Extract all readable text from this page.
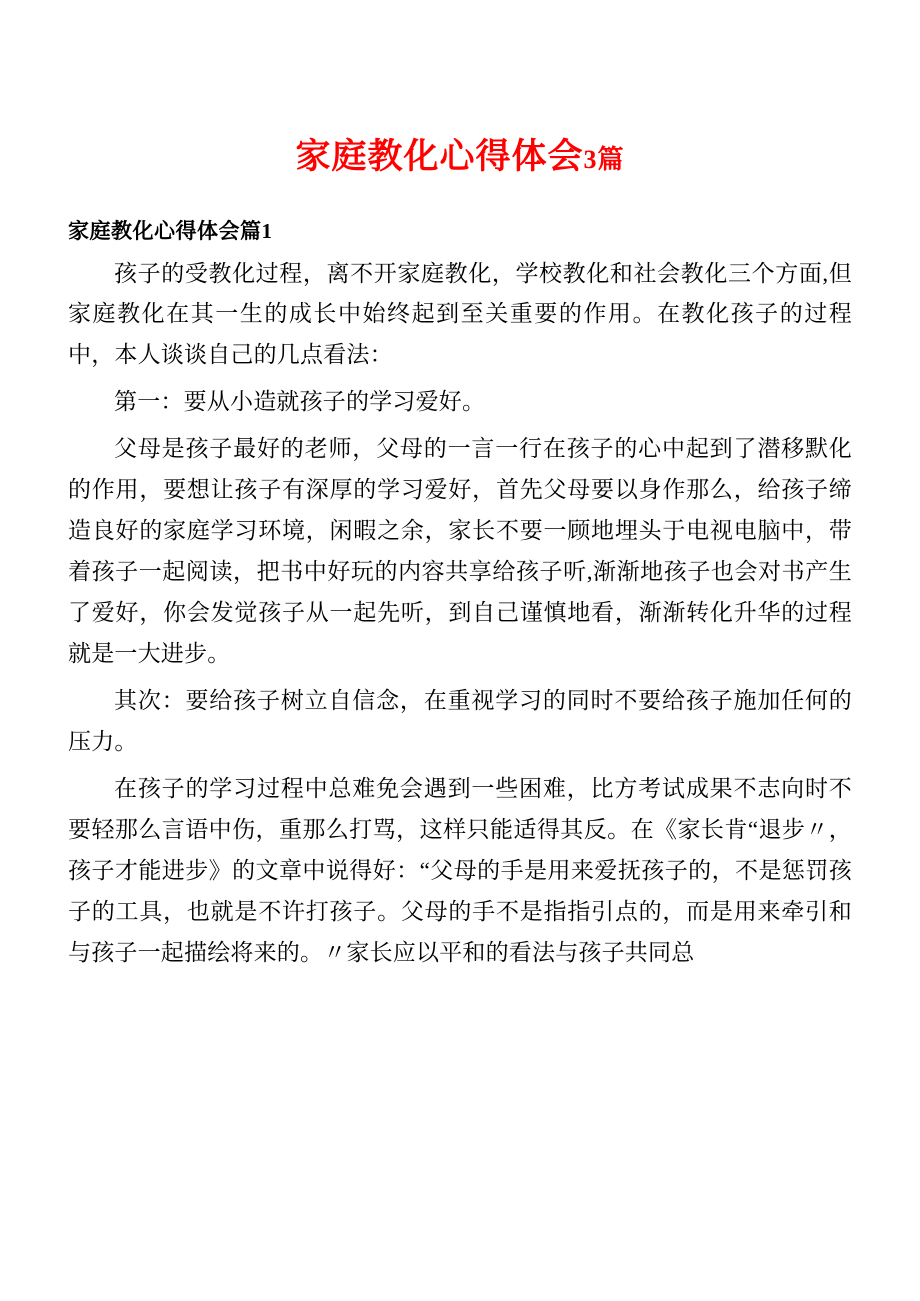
家庭教化心得体会3篇

家庭教化心得体会篇1

孩子的受教化过程，离不开家庭教化，学校教化和社会教化三个方面,但家庭教化在其一生的成长中始终起到至关重要的作用。在教化孩子的过程中，本人谈谈自己的几点看法：

第一：要从小造就孩子的学习爱好。

父母是孩子最好的老师，父母的一言一行在孩子的心中起到了潜移默化的作用，要想让孩子有深厚的学习爱好，首先父母要以身作那么，给孩子缔造良好的家庭学习环境，闲暇之余，家长不要一顾地埋头于电视电脑中，带着孩子一起阅读，把书中好玩的内容共享给孩子听,渐渐地孩子也会对书产生了爱好，你会发觉孩子从一起先听，到自己谨慎地看，渐渐转化升华的过程就是一大进步。

其次：要给孩子树立自信念，在重视学习的同时不要给孩子施加任何的压力。

在孩子的学习过程中总难免会遇到一些困难，比方考试成果不志向时不要轻那么言语中伤，重那么打骂，这样只能适得其反。在《家长肯“退步〃，孩子才能进步》的文章中说得好：“父母的手是用来爱抚孩子的，不是惩罚孩子的工具，也就是不许打孩子。父母的手不是指指引点的，而是用来牵引和与孩子一起描绘将来的。〃家长应以平和的看法与孩子共同总
